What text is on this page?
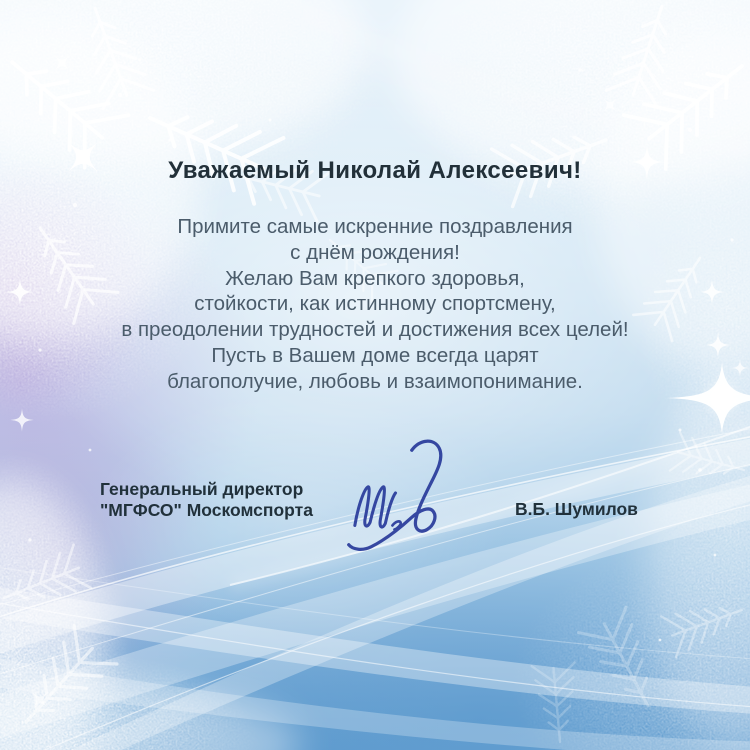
Уважаемый Николай Алексеевич!
Примите самые искренние поздравления
с днём рождения!
Желаю Вам крепкого здоровья,
стойкости, как истинному спортсмену,
в преодолении трудностей и достижения всех целей!
Пусть в Вашем доме всегда царят
благополучие, любовь и взаимопонимание.
Генеральный директор
"МГФСО" Москомспорта	В.Б. Шумилов
